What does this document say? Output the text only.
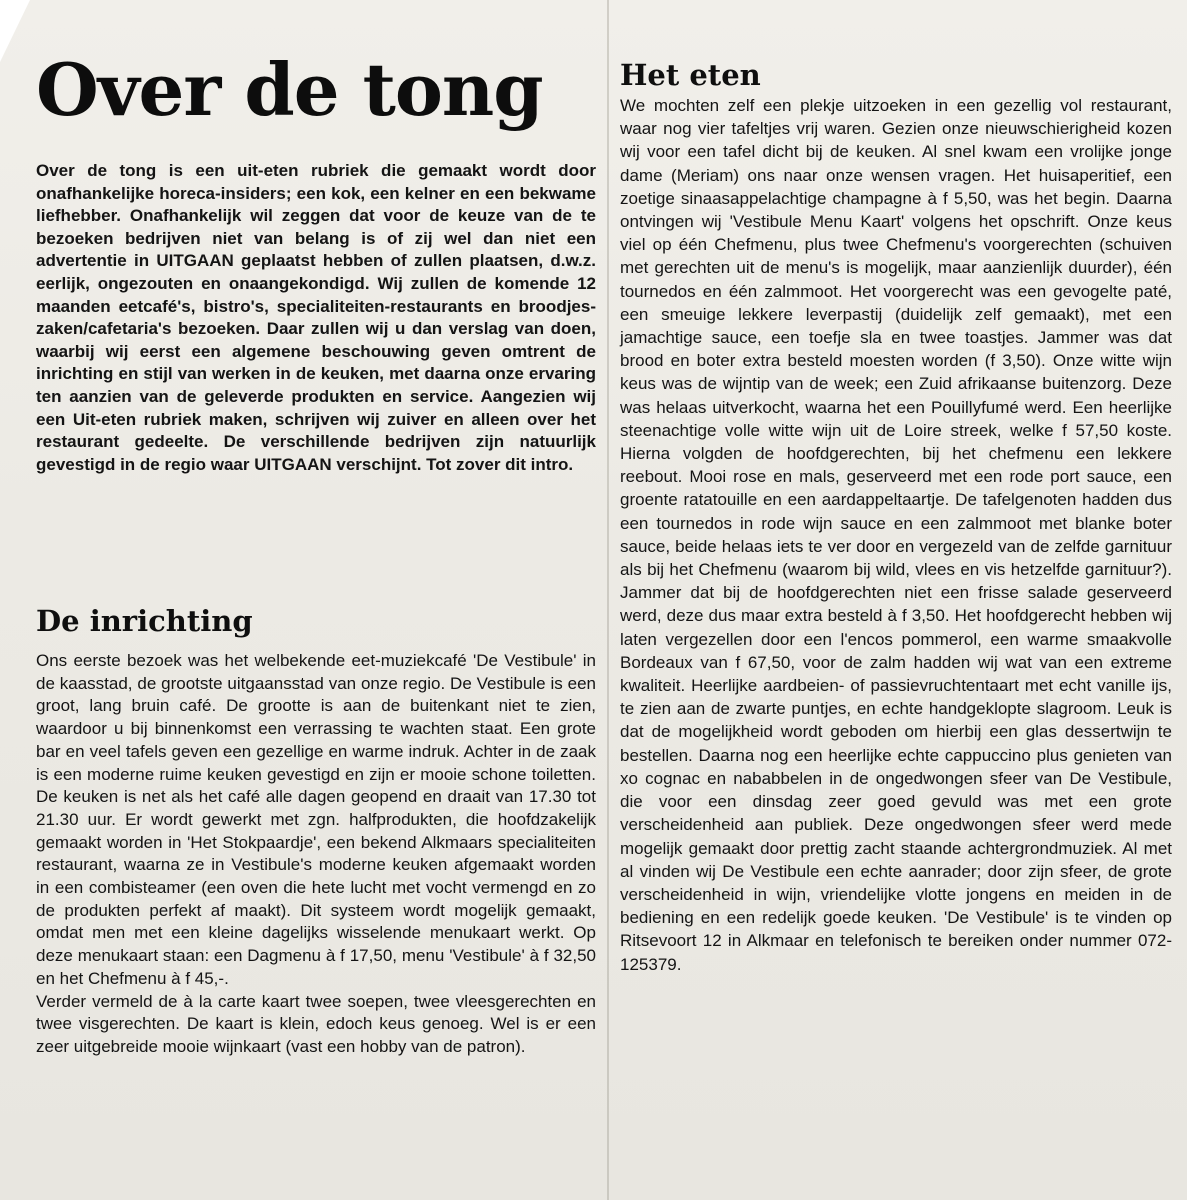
Over de tong

Over de tong is een uit-eten rubriek die gemaakt wordt door onafhankelijke horeca-insiders; een kok, een kelner en een bekwame liefhebber. Onafhankelijk wil zeggen dat voor de keuze van de te bezoeken bedrijven niet van belang is of zij wel dan niet een advertentie in UITGAAN geplaatst hebben of zullen plaatsen, d.w.z. eerlijk, ongezouten en onaangekondigd. Wij zullen de komende 12 maanden eetcafé's, bistro's, specialiteiten-restaurants en broodjes-zaken/cafetaria's bezoeken. Daar zullen wij u dan verslag van doen, waarbij wij eerst een algemene beschouwing geven omtrent de inrichting en stijl van werken in de keuken, met daarna onze ervaring ten aanzien van de geleverde produkten en service. Aangezien wij een Uit-eten rubriek maken, schrijven wij zuiver en alleen over het restaurant gedeelte. De verschillende bedrijven zijn natuurlijk gevestigd in de regio waar UITGAAN verschijnt. Tot zover dit intro.

De inrichting

Ons eerste bezoek was het welbekende eet-muziekcafé 'De Vestibule' in de kaasstad, de grootste uitgaansstad van onze regio. De Vestibule is een groot, lang bruin café. De grootte is aan de buitenkant niet te zien, waardoor u bij binnenkomst een verrassing te wachten staat. Een grote bar en veel tafels geven een gezellige en warme indruk. Achter in de zaak is een moderne ruime keuken gevestigd en zijn er mooie schone toiletten. De keuken is net als het café alle dagen geopend en draait van 17.30 tot 21.30 uur. Er wordt gewerkt met zgn. halfprodukten, die hoofdzakelijk gemaakt worden in 'Het Stokpaardje', een bekend Alkmaars specialiteiten restaurant, waarna ze in Vestibule's moderne keuken afgemaakt worden in een combisteamer (een oven die hete lucht met vocht vermengd en zo de produkten perfekt af maakt). Dit systeem wordt mogelijk gemaakt, omdat men met een kleine dagelijks wisselende menukaart werkt. Op deze menukaart staan: een Dagmenu à f 17,50, menu 'Vestibule' à f 32,50 en het Chefmenu à f 45,-.

Verder vermeld de à la carte kaart twee soepen, twee vleesgerechten en twee visgerechten. De kaart is klein, edoch keus genoeg. Wel is er een zeer uitgebreide mooie wijnkaart (vast een hobby van de patron).

Het eten

We mochten zelf een plekje uitzoeken in een gezellig vol restaurant, waar nog vier tafeltjes vrij waren. Gezien onze nieuwschierigheid kozen wij voor een tafel dicht bij de keuken. Al snel kwam een vrolijke jonge dame (Meriam) ons naar onze wensen vragen. Het huisaperitief, een zoetige sinaasappelachtige champagne à f 5,50, was het begin. Daarna ontvingen wij 'Vestibule Menu Kaart' volgens het opschrift. Onze keus viel op één Chefmenu, plus twee Chefmenu's voorgerechten (schuiven met gerechten uit de menu's is mogelijk, maar aanzienlijk duurder), één tournedos en één zalmmoot. Het voorgerecht was een gevogelte paté, een smeuige lekkere leverpastij (duidelijk zelf gemaakt), met een jamachtige sauce, een toefje sla en twee toastjes. Jammer was dat brood en boter extra besteld moesten worden (f 3,50). Onze witte wijn keus was de wijntip van de week; een Zuid afrikaanse buitenzorg. Deze was helaas uitverkocht, waarna het een Pouillyfumé werd. Een heerlijke steenachtige volle witte wijn uit de Loire streek, welke f 57,50 koste. Hierna volgden de hoofdgerechten, bij het chefmenu een lekkere reebout. Mooi rose en mals, geserveerd met een rode port sauce, een groente ratatouille en een aardappeltaartje. De tafelgenoten hadden dus een tournedos in rode wijn sauce en een zalmmoot met blanke boter sauce, beide helaas iets te ver door en vergezeld van de zelfde garnituur als bij het Chefmenu (waarom bij wild, vlees en vis hetzelfde garnituur?). Jammer dat bij de hoofdgerechten niet een frisse salade geserveerd werd, deze dus maar extra besteld à f 3,50. Het hoofdgerecht hebben wij laten vergezellen door een l'encos pommerol, een warme smaakvolle Bordeaux van f 67,50, voor de zalm hadden wij wat van een extreme kwaliteit. Heerlijke aardbeien- of passievruchtentaart met echt vanille ijs, te zien aan de zwarte puntjes, en echte handgeklopte slagroom. Leuk is dat de mogelijkheid wordt geboden om hierbij een glas dessertwijn te bestellen. Daarna nog een heerlijke echte cappuccino plus genieten van xo cognac en nababbelen in de ongedwongen sfeer van De Vestibule, die voor een dinsdag zeer goed gevuld was met een grote verscheidenheid aan publiek. Deze ongedwongen sfeer werd mede mogelijk gemaakt door prettig zacht staande achtergrondmuziek. Al met al vinden wij De Vestibule een echte aanrader; door zijn sfeer, de grote verscheidenheid in wijn, vriendelijke vlotte jongens en meiden in de bediening en een redelijk goede keuken. 'De Vestibule' is te vinden op Ritsevoort 12 in Alkmaar en telefonisch te bereiken onder nummer 072-125379.
